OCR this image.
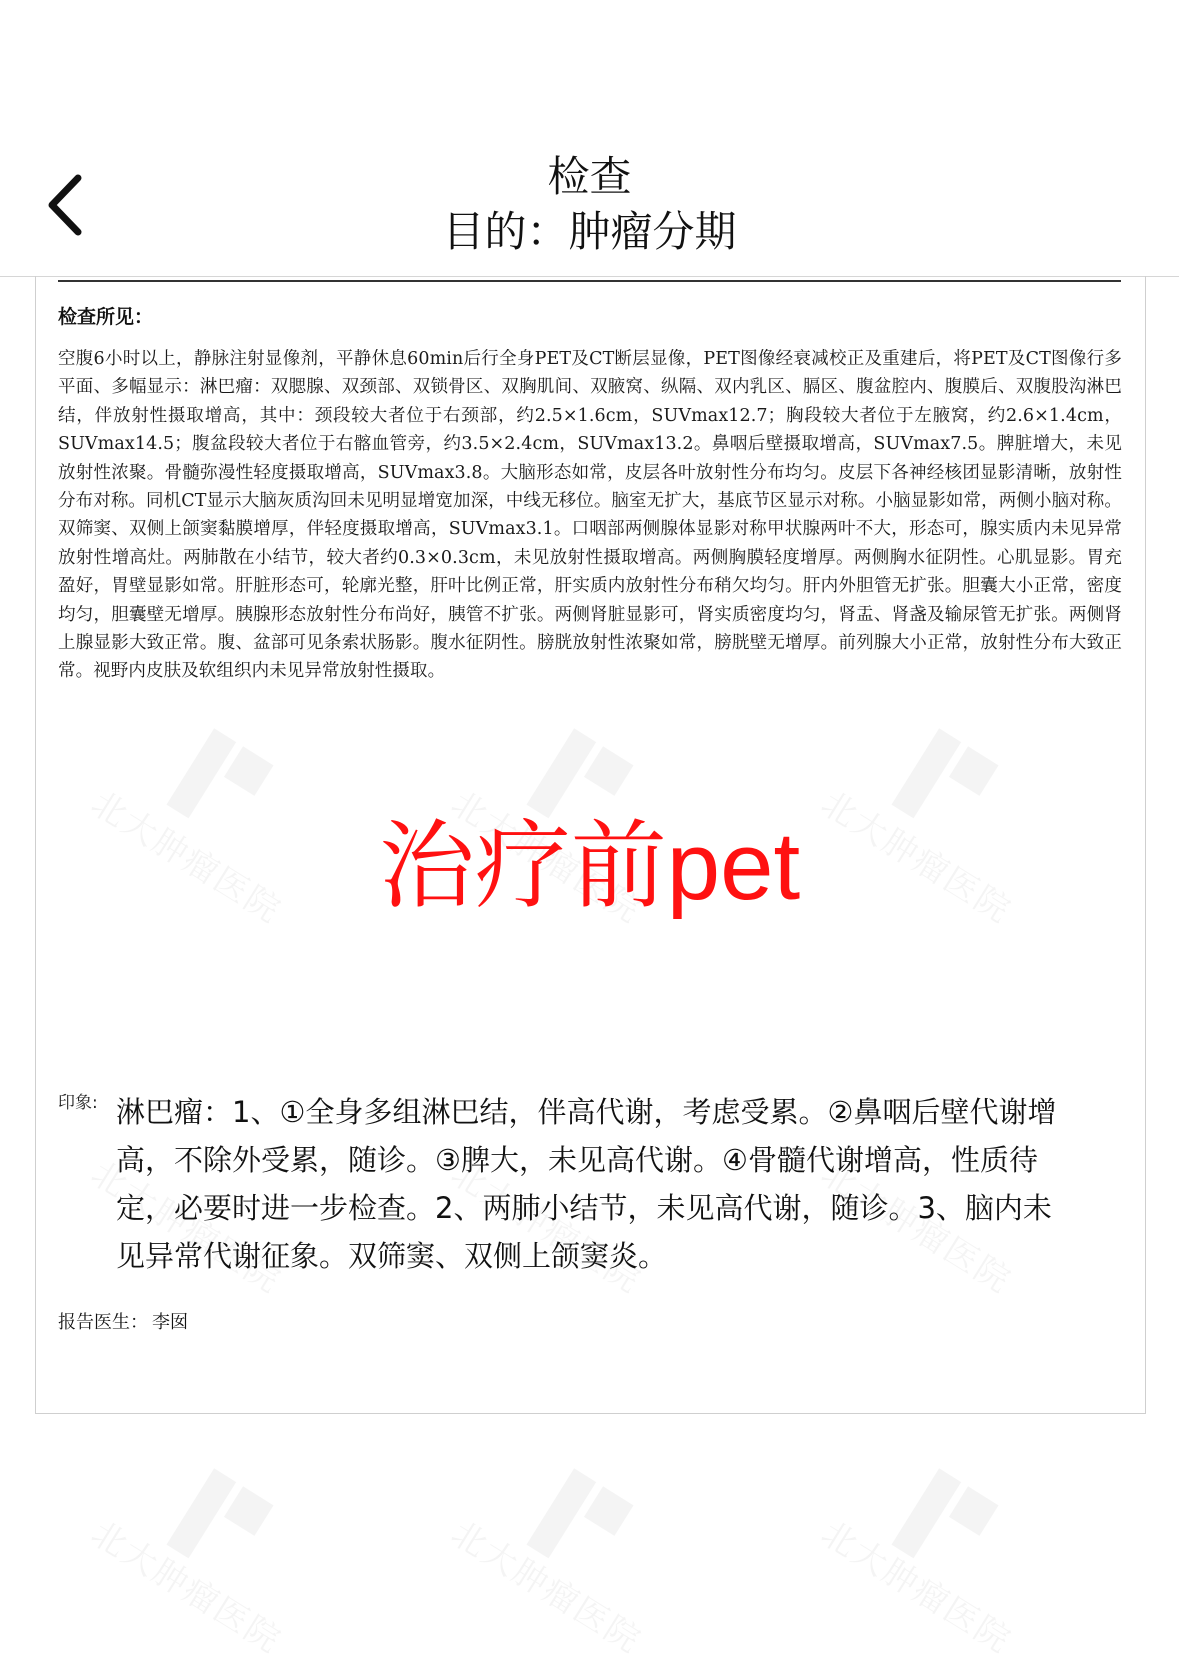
检查
目的：肿瘤分期
检查所见：
空腹6小时以上，静脉注射显像剂，平静休息60min后行全身PET及CT断层显像，PET图像经衰减校正及重建后，将PET及CT图像行多平面、多幅显示：淋巴瘤：双腮腺、双颈部、双锁骨区、双胸肌间、双腋窝、纵隔、双内乳区、膈区、腹盆腔内、腹膜后、双腹股沟淋巴结，伴放射性摄取增高，其中：颈段较大者位于右颈部，约2.5×1.6cm，SUVmax12.7；胸段较大者位于左腋窝，约2.6×1.4cm，SUVmax14.5；腹盆段较大者位于右髂血管旁，约3.5×2.4cm，SUVmax13.2。鼻咽后壁摄取增高，SUVmax7.5。脾脏增大，未见放射性浓聚。骨髓弥漫性轻度摄取增高，SUVmax3.8。大脑形态如常，皮层各叶放射性分布均匀。皮层下各神经核团显影清晰，放射性分布对称。同机CT显示大脑灰质沟回未见明显增宽加深，中线无移位。脑室无扩大，基底节区显示对称。小脑显影如常，两侧小脑对称。双筛窦、双侧上颌窦黏膜增厚，伴轻度摄取增高，SUVmax3.1。口咽部两侧腺体显影对称甲状腺两叶不大，形态可，腺实质内未见异常放射性增高灶。两肺散在小结节，较大者约0.3×0.3cm，未见放射性摄取增高。两侧胸膜轻度增厚。两侧胸水征阴性。心肌显影。胃充盈好，胃壁显影如常。肝脏形态可，轮廓光整，肝叶比例正常，肝实质内放射性分布稍欠均匀。肝内外胆管无扩张。胆囊大小正常，密度均匀，胆囊壁无增厚。胰腺形态放射性分布尚好，胰管不扩张。两侧肾脏显影可，肾实质密度均匀，肾盂、肾盏及输尿管无扩张。两侧肾上腺显影大致正常。腹、盆部可见条索状肠影。腹水征阴性。膀胱放射性浓聚如常，膀胱壁无增厚。前列腺大小正常，放射性分布大致正常。视野内皮肤及软组织内未见异常放射性摄取。
治疗前pet
印象: 淋巴瘤：1、①全身多组淋巴结，伴高代谢，考虑受累。②鼻咽后壁代谢增高，不除外受累，随诊。③脾大，未见高代谢。④骨髓代谢增高，性质待定，必要时进一步检查。2、两肺小结节，未见高代谢，随诊。3、脑内未见异常代谢征象。双筛窦、双侧上颌窦炎。
报告医生： 李囡
